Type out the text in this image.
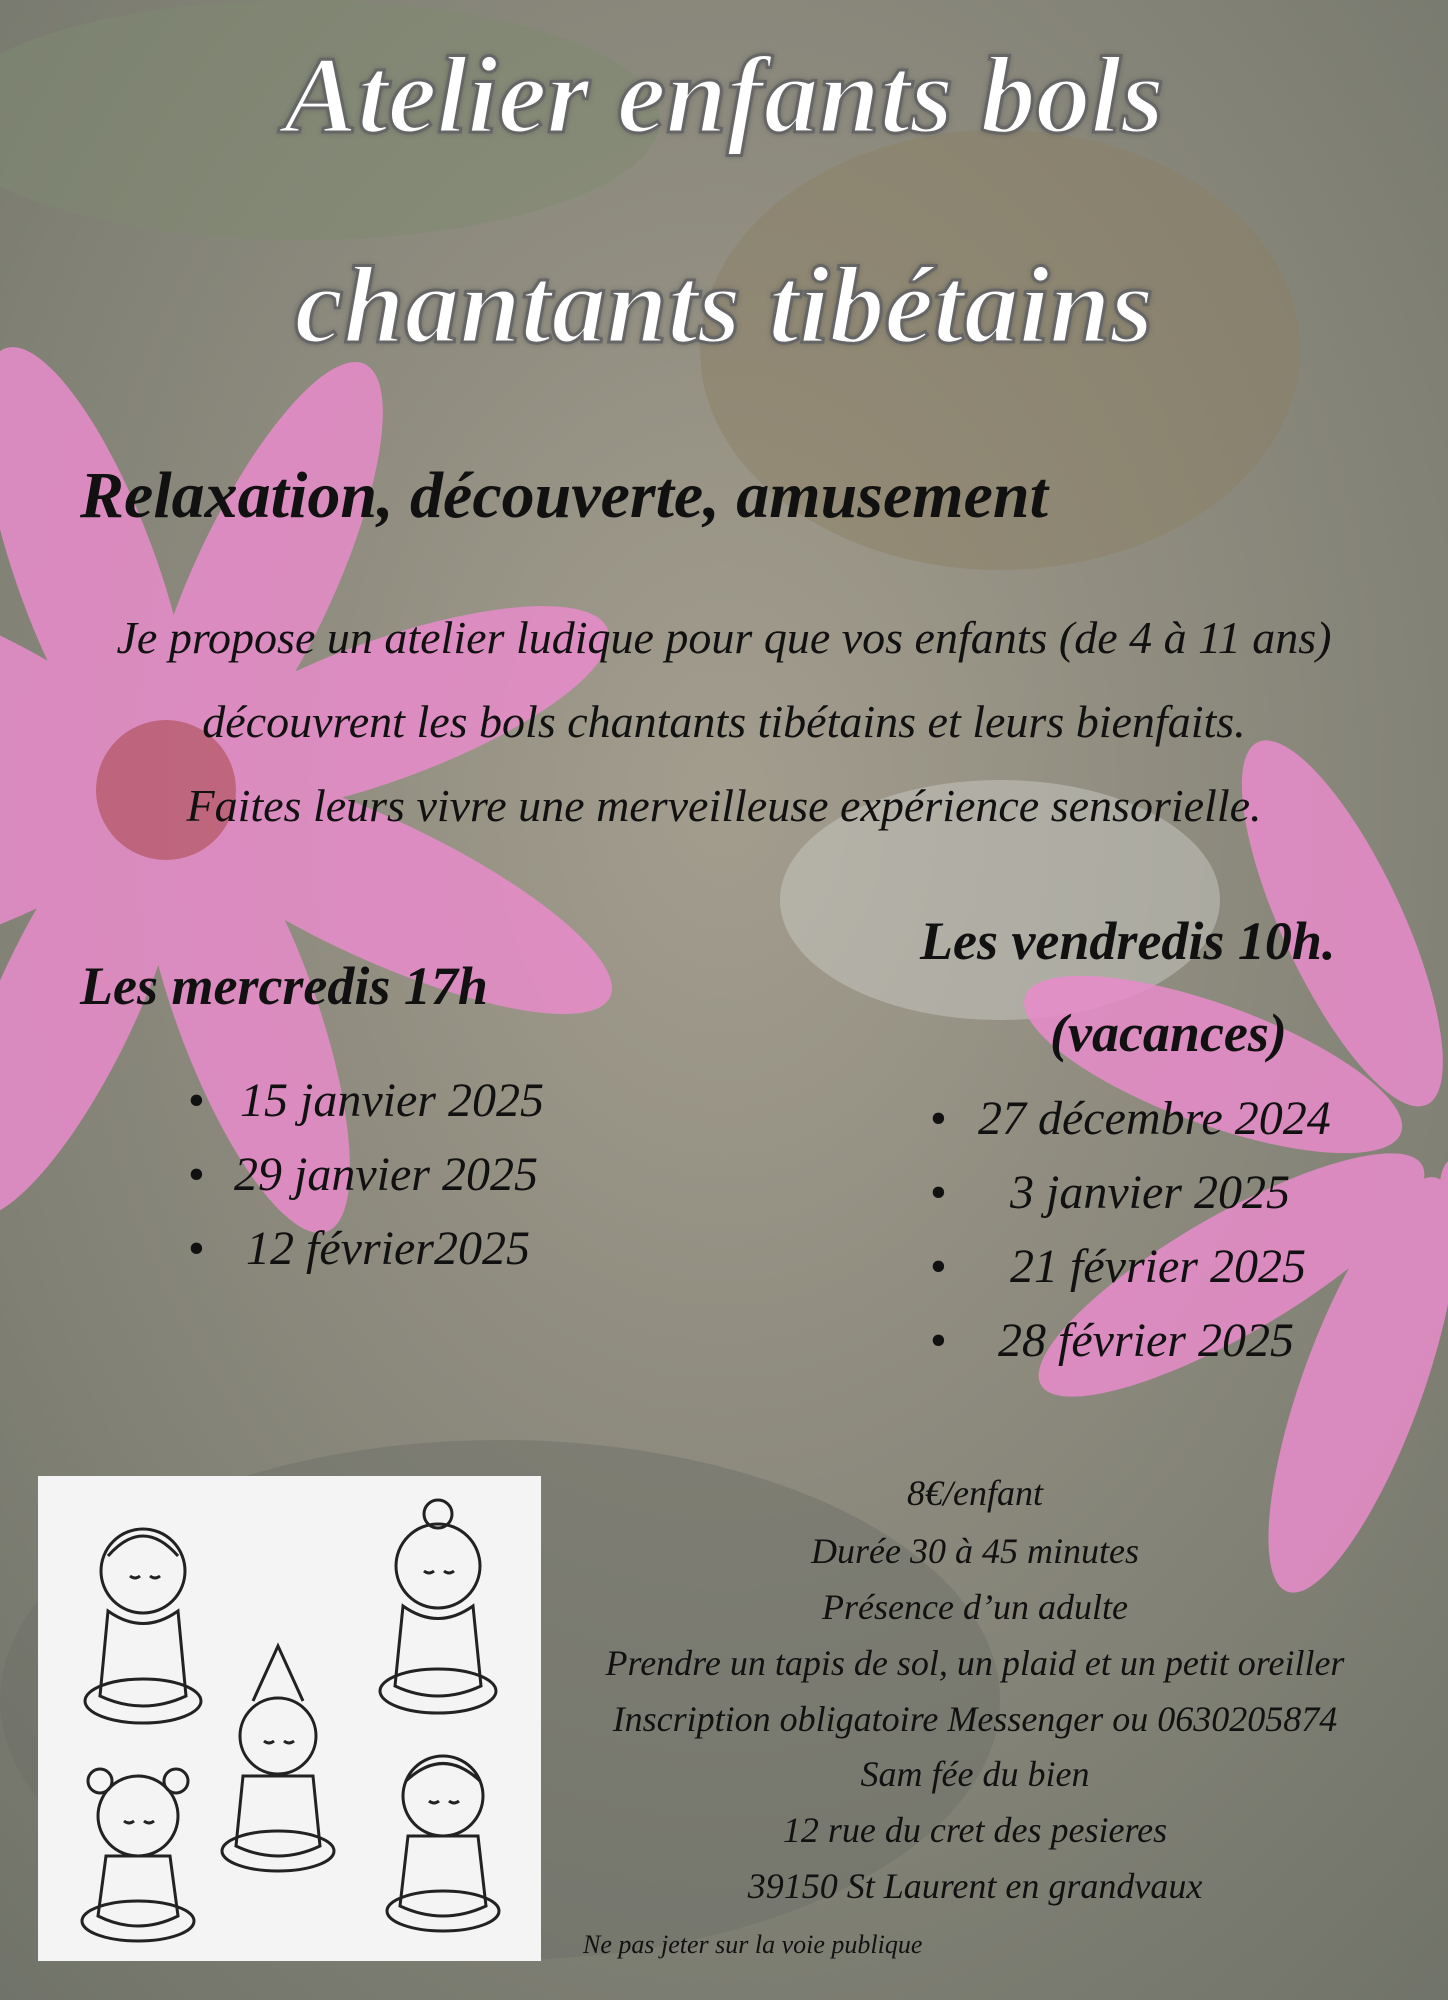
Atelier enfants bols
chantants tibétains
Relaxation, découverte, amusement
Je propose un atelier ludique pour que vos enfants (de 4 à 11 ans)
découvrent les bols chantants tibétains et leurs bienfaits.
Faites leurs vivre une merveilleuse expérience sensorielle.
Les mercredis 17h
• 15 janvier 2025
• 29 janvier 2025
• 12 février2025
Les vendredis 10h.
(vacances)
• 27 décembre 2024
• 3 janvier 2025
• 21 février 2025
• 28 février 2025
8€/enfant
Durée 30 à 45 minutes
Présence d’un adulte
Prendre un tapis de sol, un plaid et un petit oreiller
Inscription obligatoire Messenger ou 0630205874
Sam fée du bien
12 rue du cret des pesieres
39150 St Laurent en grandvaux
Ne pas jeter sur la voie publique
